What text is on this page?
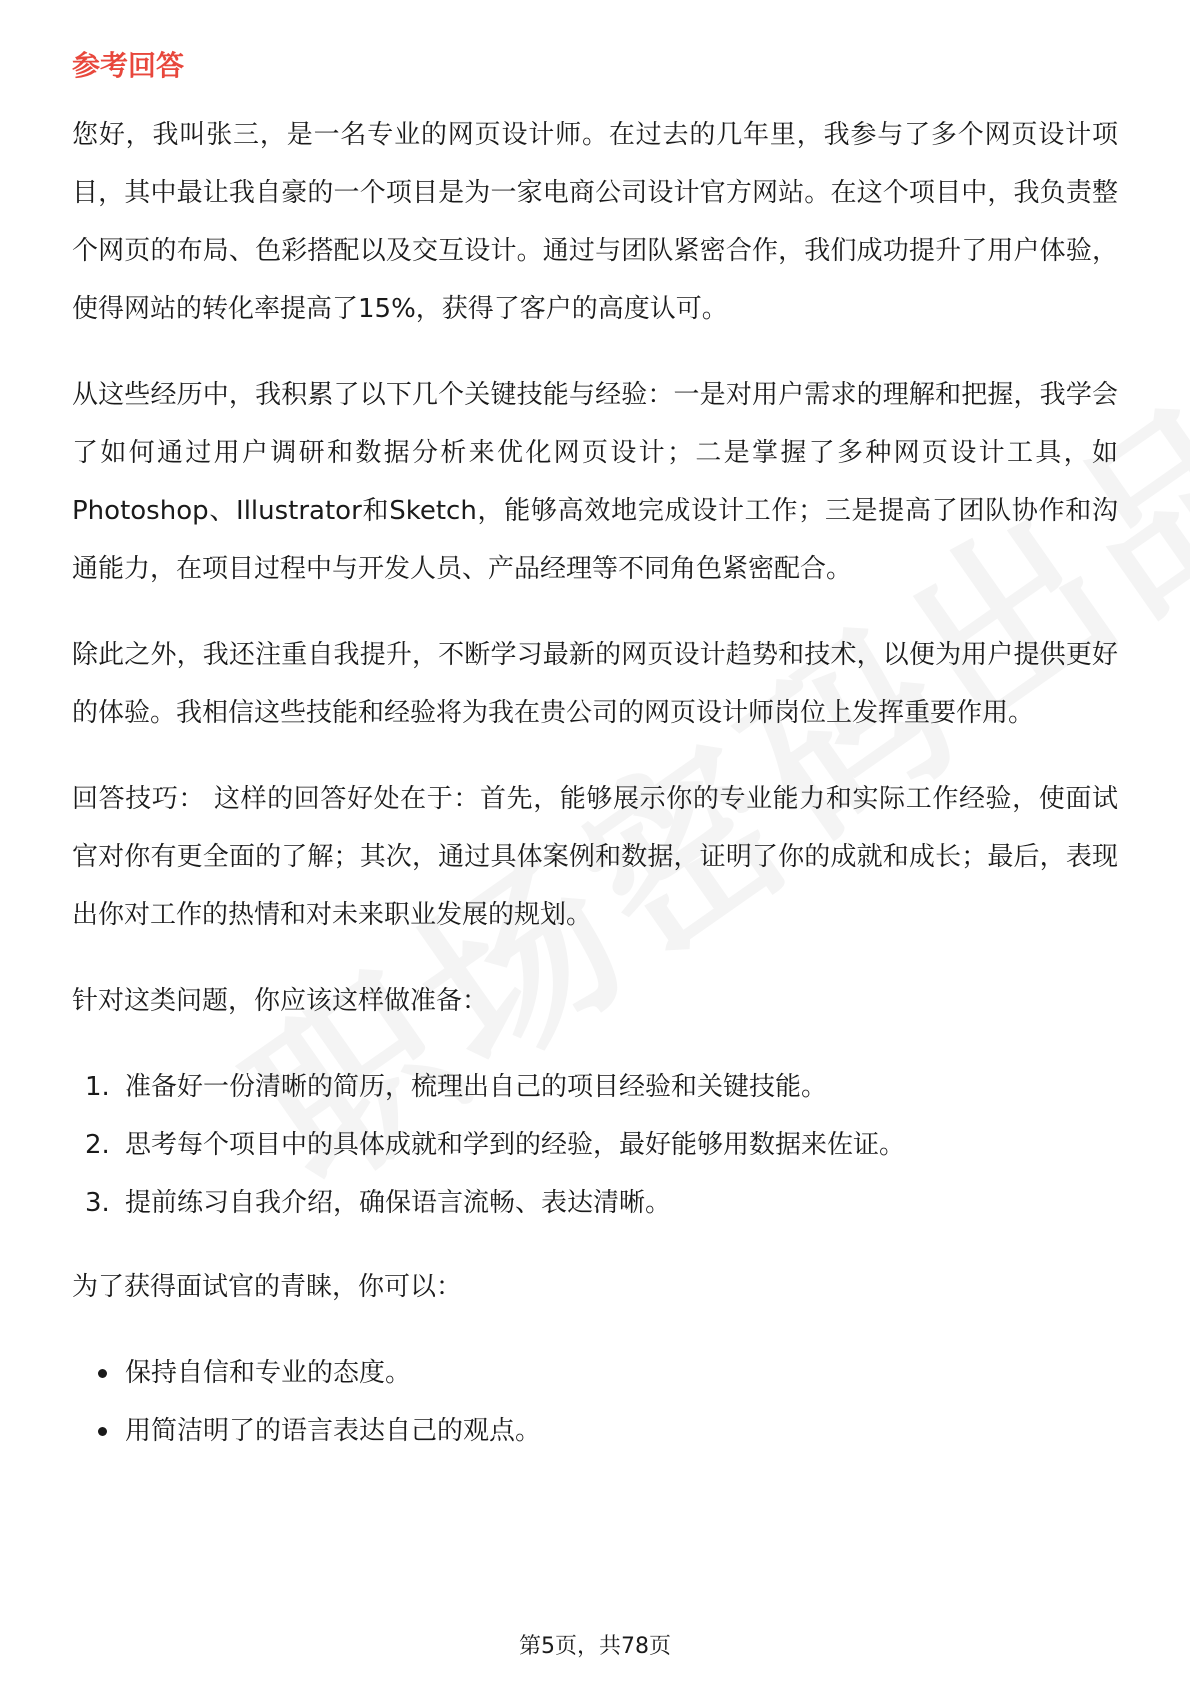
参考回答

您好，我叫张三，是一名专业的网页设计师。在过去的几年里，我参与了多个网页设计项目，其中最让我自豪的一个项目是为一家电商公司设计官方网站。在这个项目中，我负责整个网页的布局、色彩搭配以及交互设计。通过与团队紧密合作，我们成功提升了用户体验，使得网站的转化率提高了15%，获得了客户的高度认可。

从这些经历中，我积累了以下几个关键技能与经验：一是对用户需求的理解和把握，我学会了如何通过用户调研和数据分析来优化网页设计；二是掌握了多种网页设计工具，如Photoshop、Illustrator和Sketch，能够高效地完成设计工作；三是提高了团队协作和沟通能力，在项目过程中与开发人员、产品经理等不同角色紧密配合。

除此之外，我还注重自我提升，不断学习最新的网页设计趋势和技术，以便为用户提供更好的体验。我相信这些技能和经验将为我在贵公司的网页设计师岗位上发挥重要作用。

回答技巧： 这样的回答好处在于：首先，能够展示你的专业能力和实际工作经验，使面试官对你有更全面的了解；其次，通过具体案例和数据，证明了你的成就和成长；最后，表现出你对工作的热情和对未来职业发展的规划。

针对这类问题，你应该这样做准备：

1. 准备好一份清晰的简历，梳理出自己的项目经验和关键技能。
2. 思考每个项目中的具体成就和学到的经验，最好能够用数据来佐证。
3. 提前练习自我介绍，确保语言流畅、表达清晰。

为了获得面试官的青睐，你可以：

保持自信和专业的态度。
用简洁明了的语言表达自己的观点。
第5页，共78页
